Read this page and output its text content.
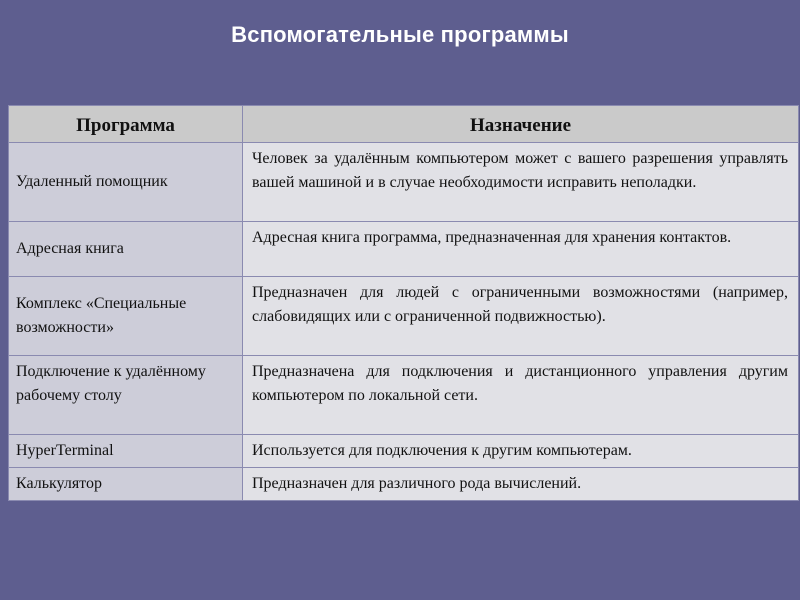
Вспомогательные программы
Программа	Назначение
Удаленный помощник	Человек за удалённым компьютером может с вашего разрешения управлять вашей машиной и в случае необходимости исправить неполадки.
Адресная книга	Адресная книга программа, предназначенная для хранения контактов.
Комплекс «Специальные возможности»	Предназначен для людей с ограниченными возможностями (например, слабовидящих или с ограниченной подвижностью).
Подключение к удалённому рабочему столу	Предназначена для подключения и дистанционного управления другим компьютером по локальной сети.
HyperTerminal	Используется для подключения к другим компьютерам.
Калькулятор	Предназначен для различного рода вычислений.
